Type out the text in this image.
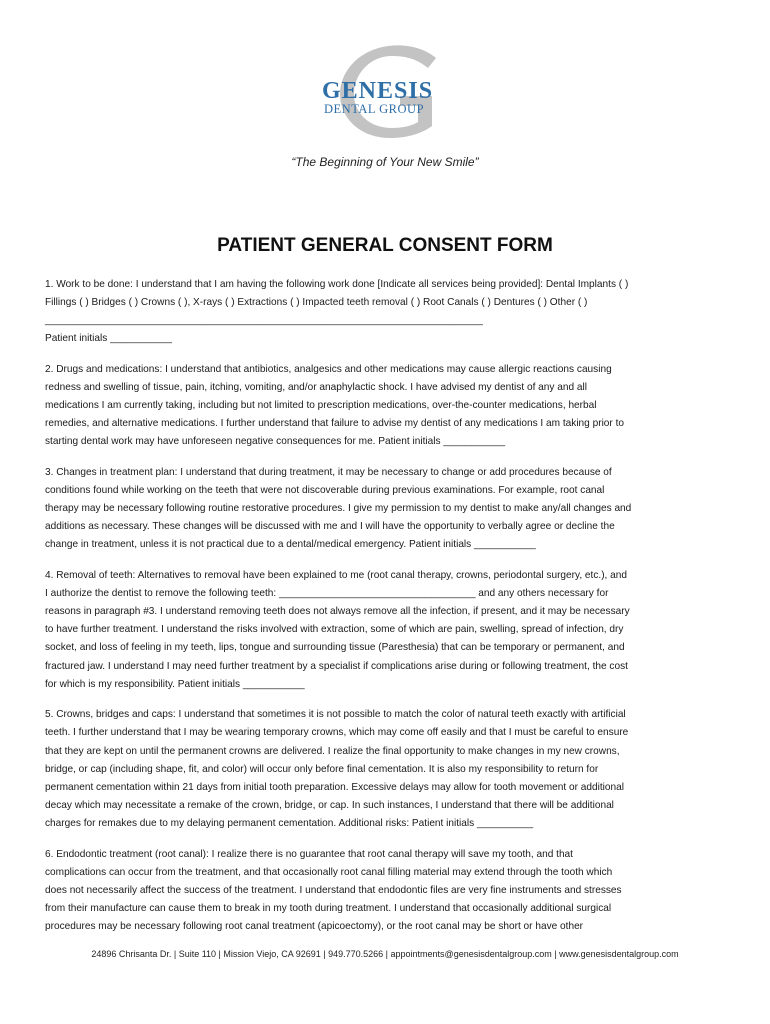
GENESIS
DENTAL GROUP
“The Beginning of Your New Smile”
PATIENT GENERAL CONSENT FORM

1. Work to be done: I understand that I am having the following work done [Indicate all services being provided]: Dental Implants ( )

Fillings ( ) Bridges ( ) Crowns ( ), X-rays ( ) Extractions ( ) Impacted teeth removal ( ) Root Canals ( ) Dentures ( ) Other ( )

______________________________________________________________________________

Patient initials ___________

2. Drugs and medications: I understand that antibiotics, analgesics and other medications may cause allergic reactions causing

redness and swelling of tissue, pain, itching, vomiting, and/or anaphylactic shock. I have advised my dentist of any and all

medications I am currently taking, including but not limited to prescription medications, over-the-counter medications, herbal

remedies, and alternative medications. I further understand that failure to advise my dentist of any medications I am taking prior to

starting dental work may have unforeseen negative consequences for me. Patient initials ___________

3. Changes in treatment plan: I understand that during treatment, it may be necessary to change or add procedures because of

conditions found while working on the teeth that were not discoverable during previous examinations. For example, root canal

therapy may be necessary following routine restorative procedures. I give my permission to my dentist to make any/all changes and

additions as necessary. These changes will be discussed with me and I will have the opportunity to verbally agree or decline the

change in treatment, unless it is not practical due to a dental/medical emergency. Patient initials ___________

4. Removal of teeth: Alternatives to removal have been explained to me (root canal therapy, crowns, periodontal surgery, etc.), and

I authorize the dentist to remove the following teeth: ___________________________________ and any others necessary for

reasons in paragraph #3. I understand removing teeth does not always remove all the infection, if present, and it may be necessary

to have further treatment. I understand the risks involved with extraction, some of which are pain, swelling, spread of infection, dry

socket, and loss of feeling in my teeth, lips, tongue and surrounding tissue (Paresthesia) that can be temporary or permanent, and

fractured jaw. I understand I may need further treatment by a specialist if complications arise during or following treatment, the cost

for which is my responsibility. Patient initials ___________

5. Crowns, bridges and caps: I understand that sometimes it is not possible to match the color of natural teeth exactly with artificial

teeth. I further understand that I may be wearing temporary crowns, which may come off easily and that I must be careful to ensure

that they are kept on until the permanent crowns are delivered. I realize the final opportunity to make changes in my new crowns,

bridge, or cap (including shape, fit, and color) will occur only before final cementation. It is also my responsibility to return for

permanent cementation within 21 days from initial tooth preparation. Excessive delays may allow for tooth movement or additional

decay which may necessitate a remake of the crown, bridge, or cap. In such instances, I understand that there will be additional

charges for remakes due to my delaying permanent cementation. Additional risks: Patient initials __________

6. Endodontic treatment (root canal): I realize there is no guarantee that root canal therapy will save my tooth, and that

complications can occur from the treatment, and that occasionally root canal filling material may extend through the tooth which

does not necessarily affect the success of the treatment. I understand that endodontic files are very fine instruments and stresses

from their manufacture can cause them to break in my tooth during treatment. I understand that occasionally additional surgical

procedures may be necessary following root canal treatment (apicoectomy), or the root canal may be short or have other

24896 Chrisanta Dr. | Suite 110 | Mission Viejo, CA 92691 | 949.770.5266 | appointments@genesisdentalgroup.com | www.genesisdentalgroup.com
